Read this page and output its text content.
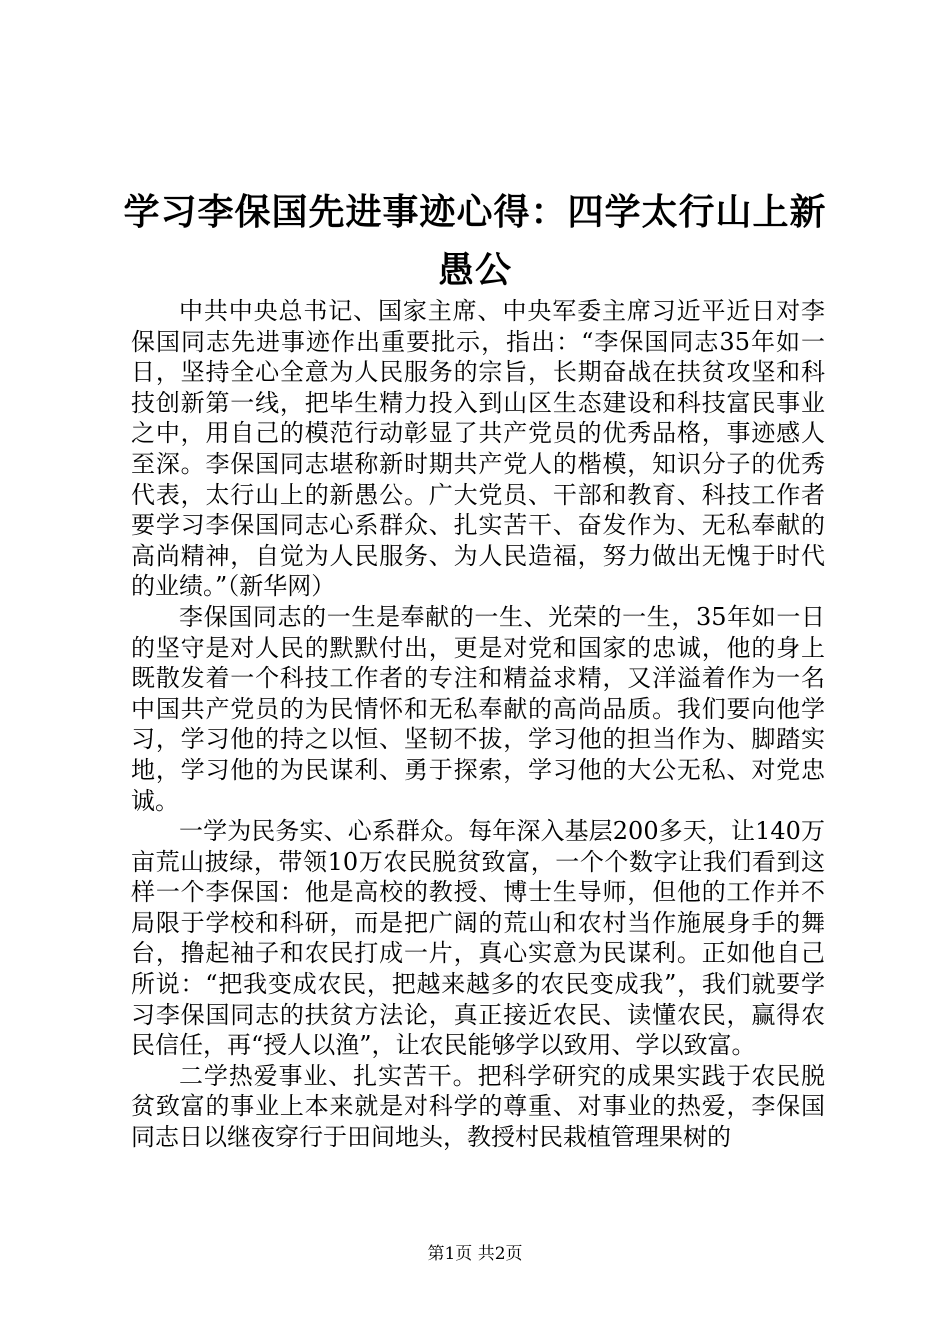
学习李保国先进事迹心得：四学太行山上新愚公

中共中央总书记、国家主席、中央军委主席习近平近日对李保国同志先进事迹作出重要批示，指出：“李保国同志35年如一日，坚持全心全意为人民服务的宗旨，长期奋战在扶贫攻坚和科技创新第一线，把毕生精力投入到山区生态建设和科技富民事业之中，用自己的模范行动彰显了共产党员的优秀品格，事迹感人至深。李保国同志堪称新时期共产党人的楷模，知识分子的优秀代表，太行山上的新愚公。广大党员、干部和教育、科技工作者要学习李保国同志心系群众、扎实苦干、奋发作为、无私奉献的高尚精神，自觉为人民服务、为人民造福，努力做出无愧于时代的业绩。”（新华网）

李保国同志的一生是奉献的一生、光荣的一生，35年如一日的坚守是对人民的默默付出，更是对党和国家的忠诚，他的身上既散发着一个科技工作者的专注和精益求精，又洋溢着作为一名中国共产党员的为民情怀和无私奉献的高尚品质。我们要向他学习，学习他的持之以恒、坚韧不拔，学习他的担当作为、脚踏实地，学习他的为民谋利、勇于探索，学习他的大公无私、对党忠诚。

一学为民务实、心系群众。每年深入基层200多天，让140万亩荒山披绿，带领10万农民脱贫致富，一个个数字让我们看到这样一个李保国：他是高校的教授、博士生导师，但他的工作并不局限于学校和科研，而是把广阔的荒山和农村当作施展身手的舞台，撸起袖子和农民打成一片，真心实意为民谋利。正如他自己所说：“把我变成农民，把越来越多的农民变成我”，我们就要学习李保国同志的扶贫方法论，真正接近农民、读懂农民，赢得农民信任，再“授人以渔”，让农民能够学以致用、学以致富。

二学热爱事业、扎实苦干。把科学研究的成果实践于农民脱贫致富的事业上本来就是对科学的尊重、对事业的热爱，李保国同志日以继夜穿行于田间地头，教授村民栽植管理果树的

第1页 共2页
